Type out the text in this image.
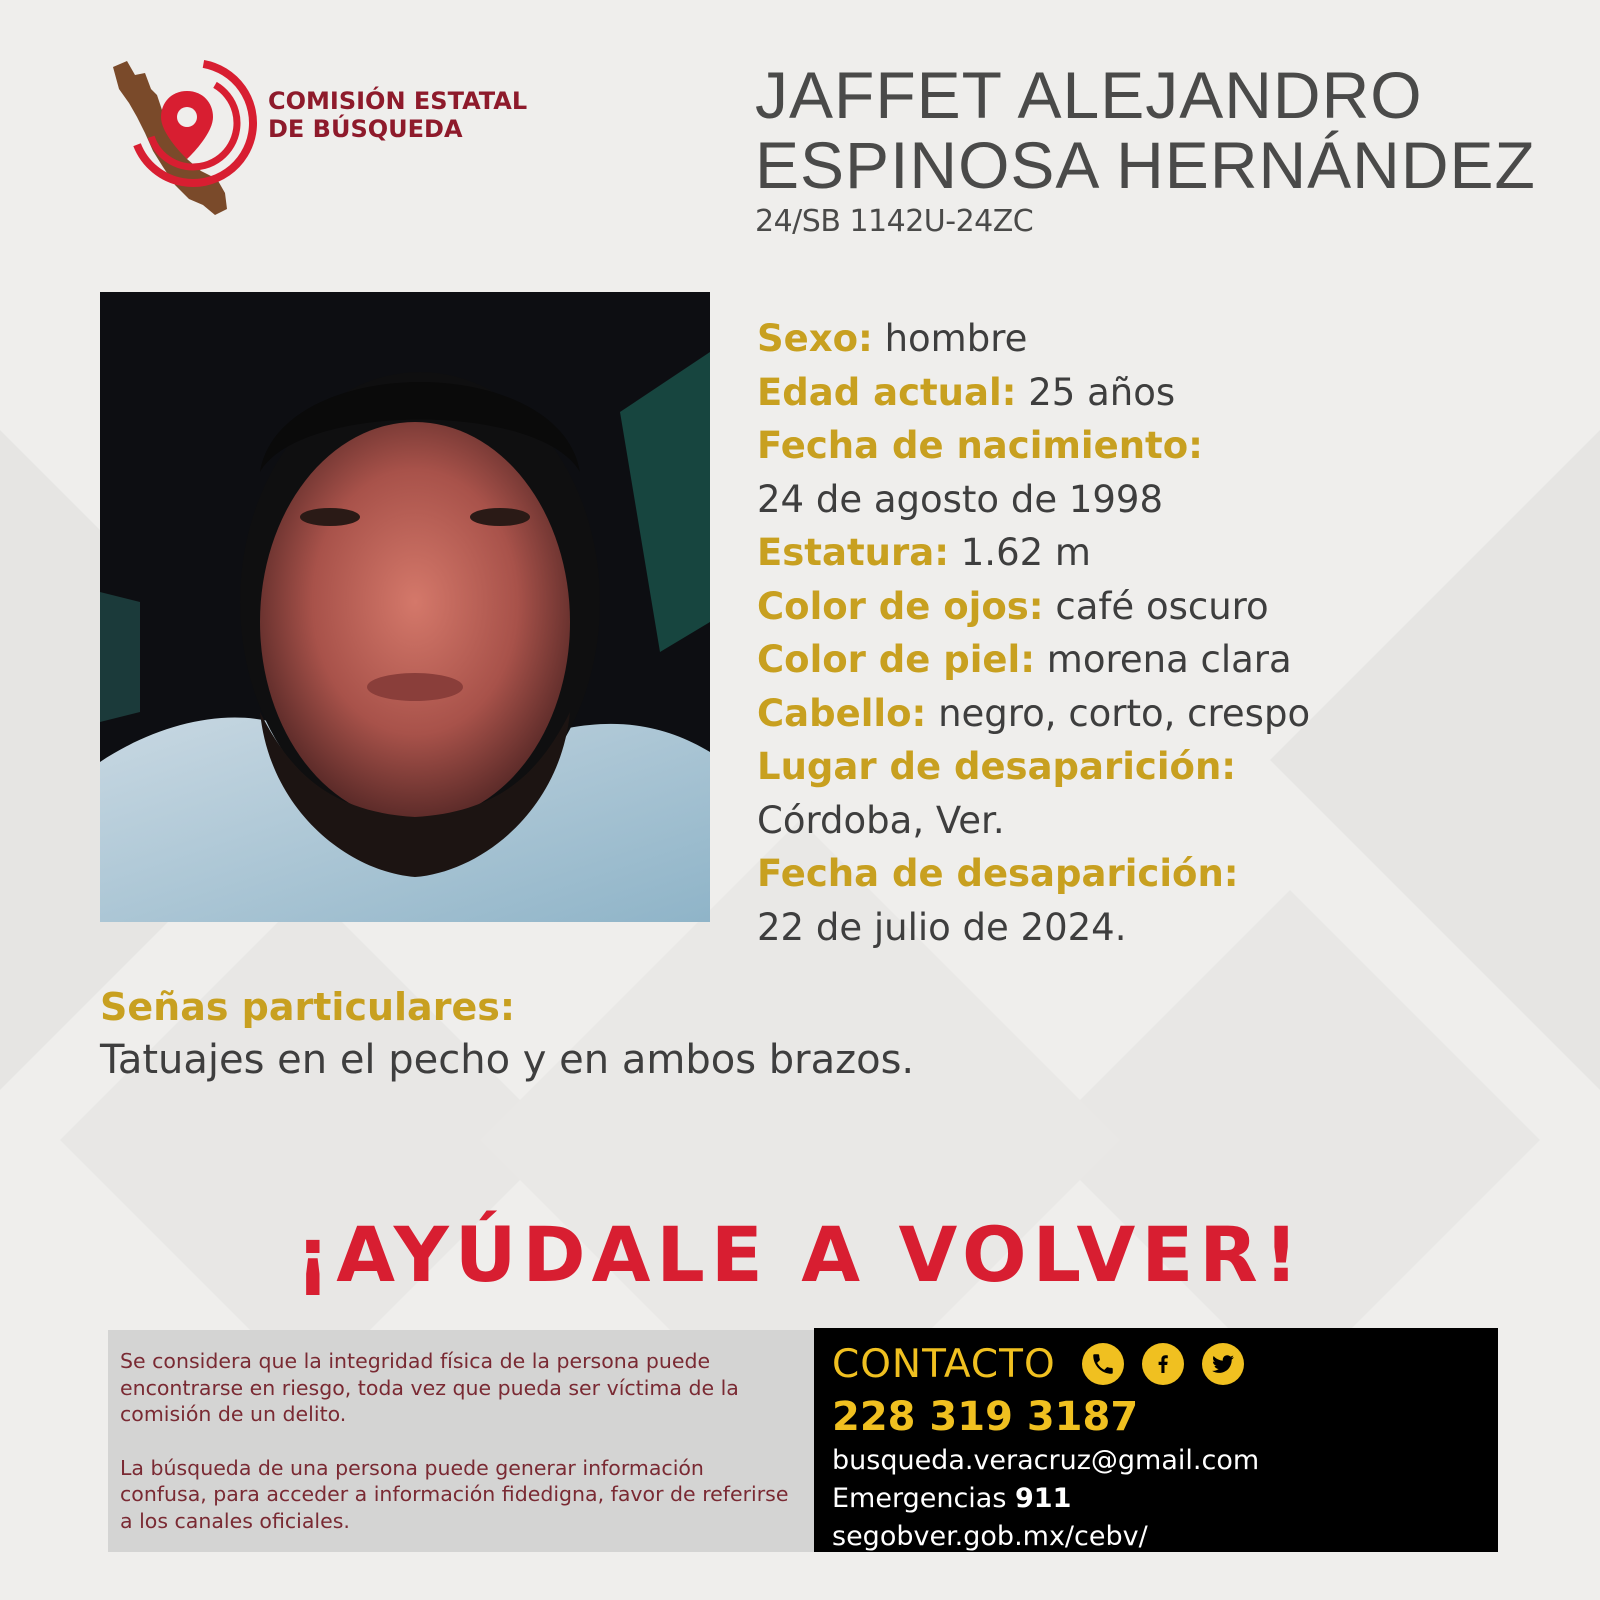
COMISIÓN ESTATAL
DE BÚSQUEDA	JAFFET ALEJANDRO
ESPINOSA HERNÁNDEZ
24/SB 1142U-24ZC
Sexo: hombre
Edad actual: 25 años
Fecha de nacimiento:
24 de agosto de 1998
Estatura: 1.62 m
Color de ojos: café oscuro
Color de piel: morena clara
Cabello: negro, corto, crespo
Lugar de desaparición:
Córdoba, Ver.
Fecha de desaparición:
22 de julio de 2024.
Señas particulares:
Tatuajes en el pecho y en ambos brazos.
¡AYÚDALE A VOLVER!

Se considera que la integridad física de la persona puede encontrarse en riesgo, toda vez que pueda ser víctima de la comisión de un delito.

La búsqueda de una persona puede generar información confusa, para acceder a información fidedigna, favor de referirse a los canales oficiales.

CONTACTO
228 319 3187
busqueda.veracruz@gmail.com
Emergencias 911
segobver.gob.mx/cebv/
